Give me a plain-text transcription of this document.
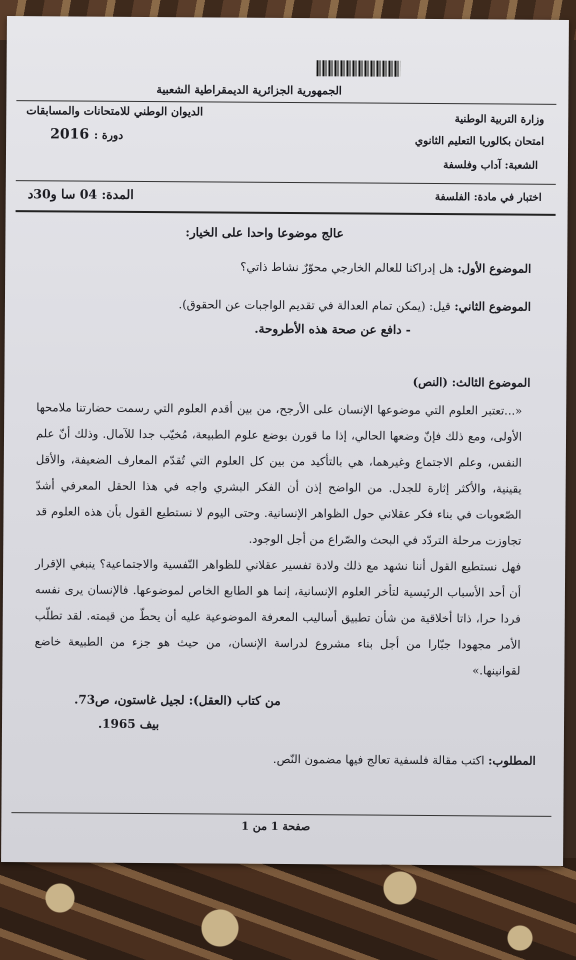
الجمهورية الجزائرية الديمقراطية الشعبية
وزارة التربية الوطنية
الديوان الوطني للامتحانات والمسابقات
امتحان بكالوريا التعليم الثانوي
دورة : 2016
الشعبة: آداب وفلسفة
اختبار في مادة: الفلسفة
المدة: 04 سا و30د
عالج موضوعا واحدا على الخيار:
الموضوع الأول: هل إدراكنا للعالم الخارجي محوّرٌ نشاط ذاتي؟
الموضوع الثاني: قيل: (يمكن تمام العدالة في تقديم الواجبات عن الحقوق).
- دافع عن صحة هذه الأطروحة.
الموضوع الثالث: (النص)
«...تعتبر العلوم التي موضوعها الإنسان على الأرجح، من بين أقدم العلوم التي رسمت حضارتنا ملامحها الأولى، ومع ذلك فإنّ وضعها الحالي، إذا ما قورن بوضع علوم الطبيعة، مُخيّب جدا للآمال. وذلك أنّ علم النفس، وعلم الاجتماع وغيرهما، هي بالتأكيد من بين كل العلوم التي تُقدّم المعارف الضعيفة، والأقل يقينية، والأكثر إثارة للجدل. من الواضح إذن أن الفكر البشري واجه في هذا الحقل المعرفي أشدّ الصّعوبات في بناء فكر عقلاني حول الظواهر الإنسانية. وحتى اليوم لا نستطيع القول بأن هذه العلوم قد تجاوزت مرحلة التردّد في البحث والصّراع من أجل الوجود.
فهل نستطيع القول أننا نشهد مع ذلك ولادة تفسير عقلاني للظواهر النّفسية والاجتماعية؟ ينبغي الإقرار أن أحد الأسباب الرئيسية لتأخر العلوم الإنسانية، إنما هو الطابع الخاص لموضوعها. فالإنسان يرى نفسه فردا حرا، ذاتا أخلاقية من شأن تطبيق أساليب المعرفة الموضوعية عليه أن يحطّ من قيمته. لقد تطلّب الأمر مجهودا جبّارا من أجل بناء مشروع لدراسة الإنسان، من حيث هو جزء من الطبيعة خاضع لقوانينها.»
من كتاب (العقل): لجيل غاستون، ص73.
بيف 1965.
المطلوب: اكتب مقالة فلسفية تعالج فيها مضمون النّص.
صفحة 1 من 1
